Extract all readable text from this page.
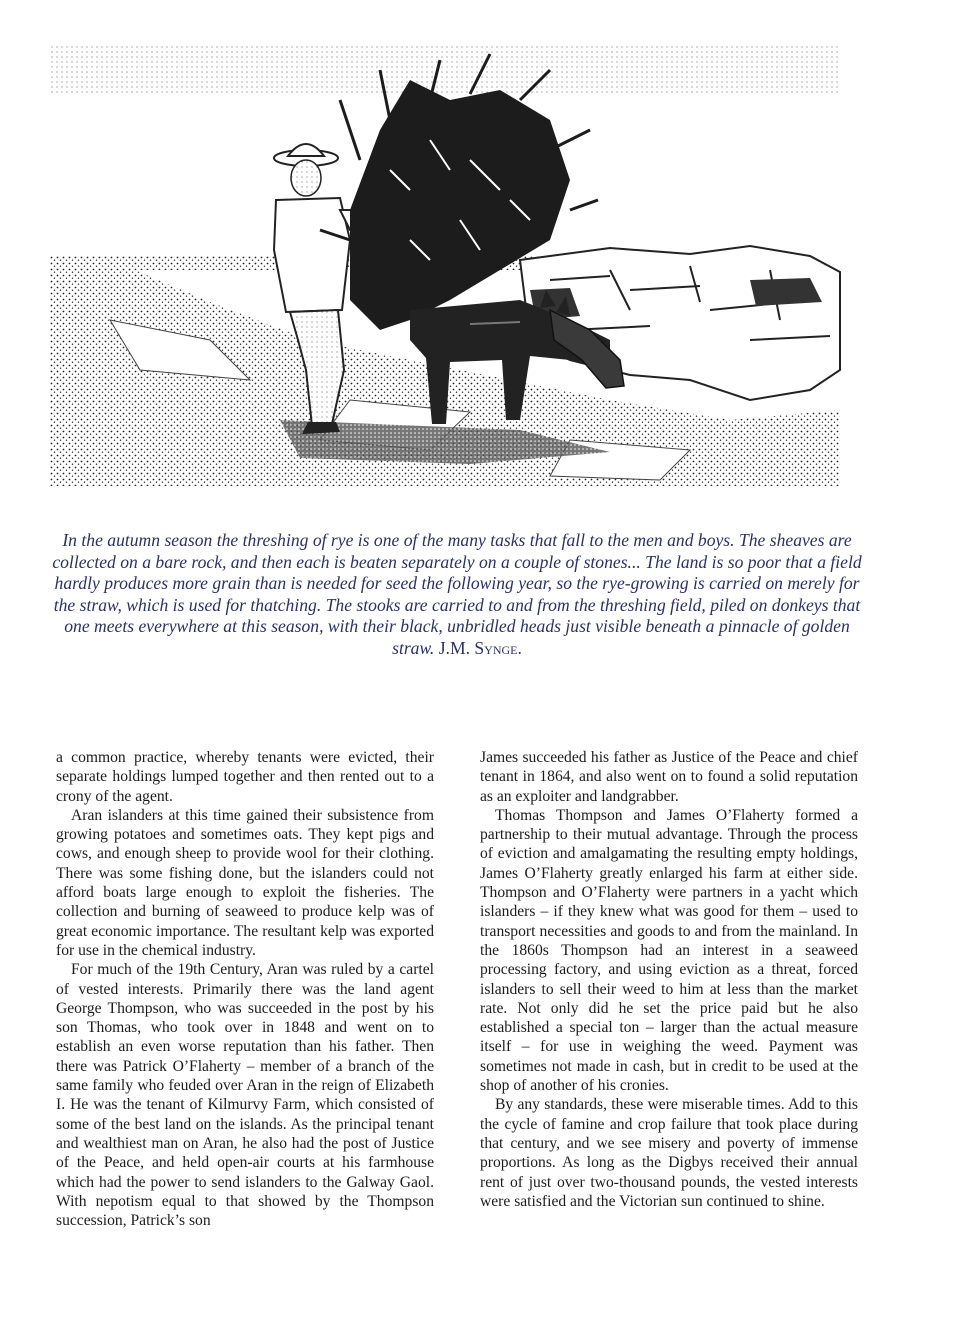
In the autumn season the threshing of rye is one of the many tasks that fall to the men and boys. The sheaves are collected on a bare rock, and then each is beaten separately on a couple of stones... The land is so poor that a field hardly produces more grain than is needed for seed the following year, so the rye-growing is carried on merely for the straw, which is used for thatching. The stooks are carried to and from the threshing field, piled on donkeys that one meets everywhere at this season, with their black, unbridled heads just visible beneath a pinnacle of golden straw. J.M. Synge.

a common practice, whereby tenants were evicted, their separate holdings lumped together and then rented out to a crony of the agent.

Aran islanders at this time gained their subsistence from growing potatoes and sometimes oats. They kept pigs and cows, and enough sheep to provide wool for their clothing. There was some fishing done, but the islanders could not afford boats large enough to exploit the fisheries. The collection and burning of seaweed to produce kelp was of great economic importance. The resultant kelp was exported for use in the chemical industry.

For much of the 19th Century, Aran was ruled by a cartel of vested interests. Primarily there was the land agent George Thompson, who was succeeded in the post by his son Thomas, who took over in 1848 and went on to establish an even worse reputation than his father. Then there was Patrick O’Flaherty – member of a branch of the same family who feuded over Aran in the reign of Elizabeth I. He was the tenant of Kilmurvy Farm, which consisted of some of the best land on the islands. As the principal tenant and wealthiest man on Aran, he also had the post of Justice of the Peace, and held open-air courts at his farmhouse which had the power to send islanders to the Galway Gaol. With nepotism equal to that showed by the Thompson succession, Patrick’s son

James succeeded his father as Justice of the Peace and chief tenant in 1864, and also went on to found a solid reputation as an exploiter and landgrabber.

Thomas Thompson and James O’Flaherty formed a partnership to their mutual advantage. Through the process of eviction and amalgamating the resulting empty holdings, James O’Flaherty greatly enlarged his farm at either side. Thompson and O’Flaherty were partners in a yacht which islanders – if they knew what was good for them – used to transport necessities and goods to and from the mainland. In the 1860s Thompson had an interest in a seaweed processing factory, and using eviction as a threat, forced islanders to sell their weed to him at less than the market rate. Not only did he set the price paid but he also established a special ton – larger than the actual measure itself – for use in weighing the weed. Payment was sometimes not made in cash, but in credit to be used at the shop of another of his cronies.

By any standards, these were miserable times. Add to this the cycle of famine and crop failure that took place during that century, and we see misery and poverty of immense proportions. As long as the Digbys received their annual rent of just over two-thousand pounds, the vested interests were satisfied and the Victorian sun continued to shine.
